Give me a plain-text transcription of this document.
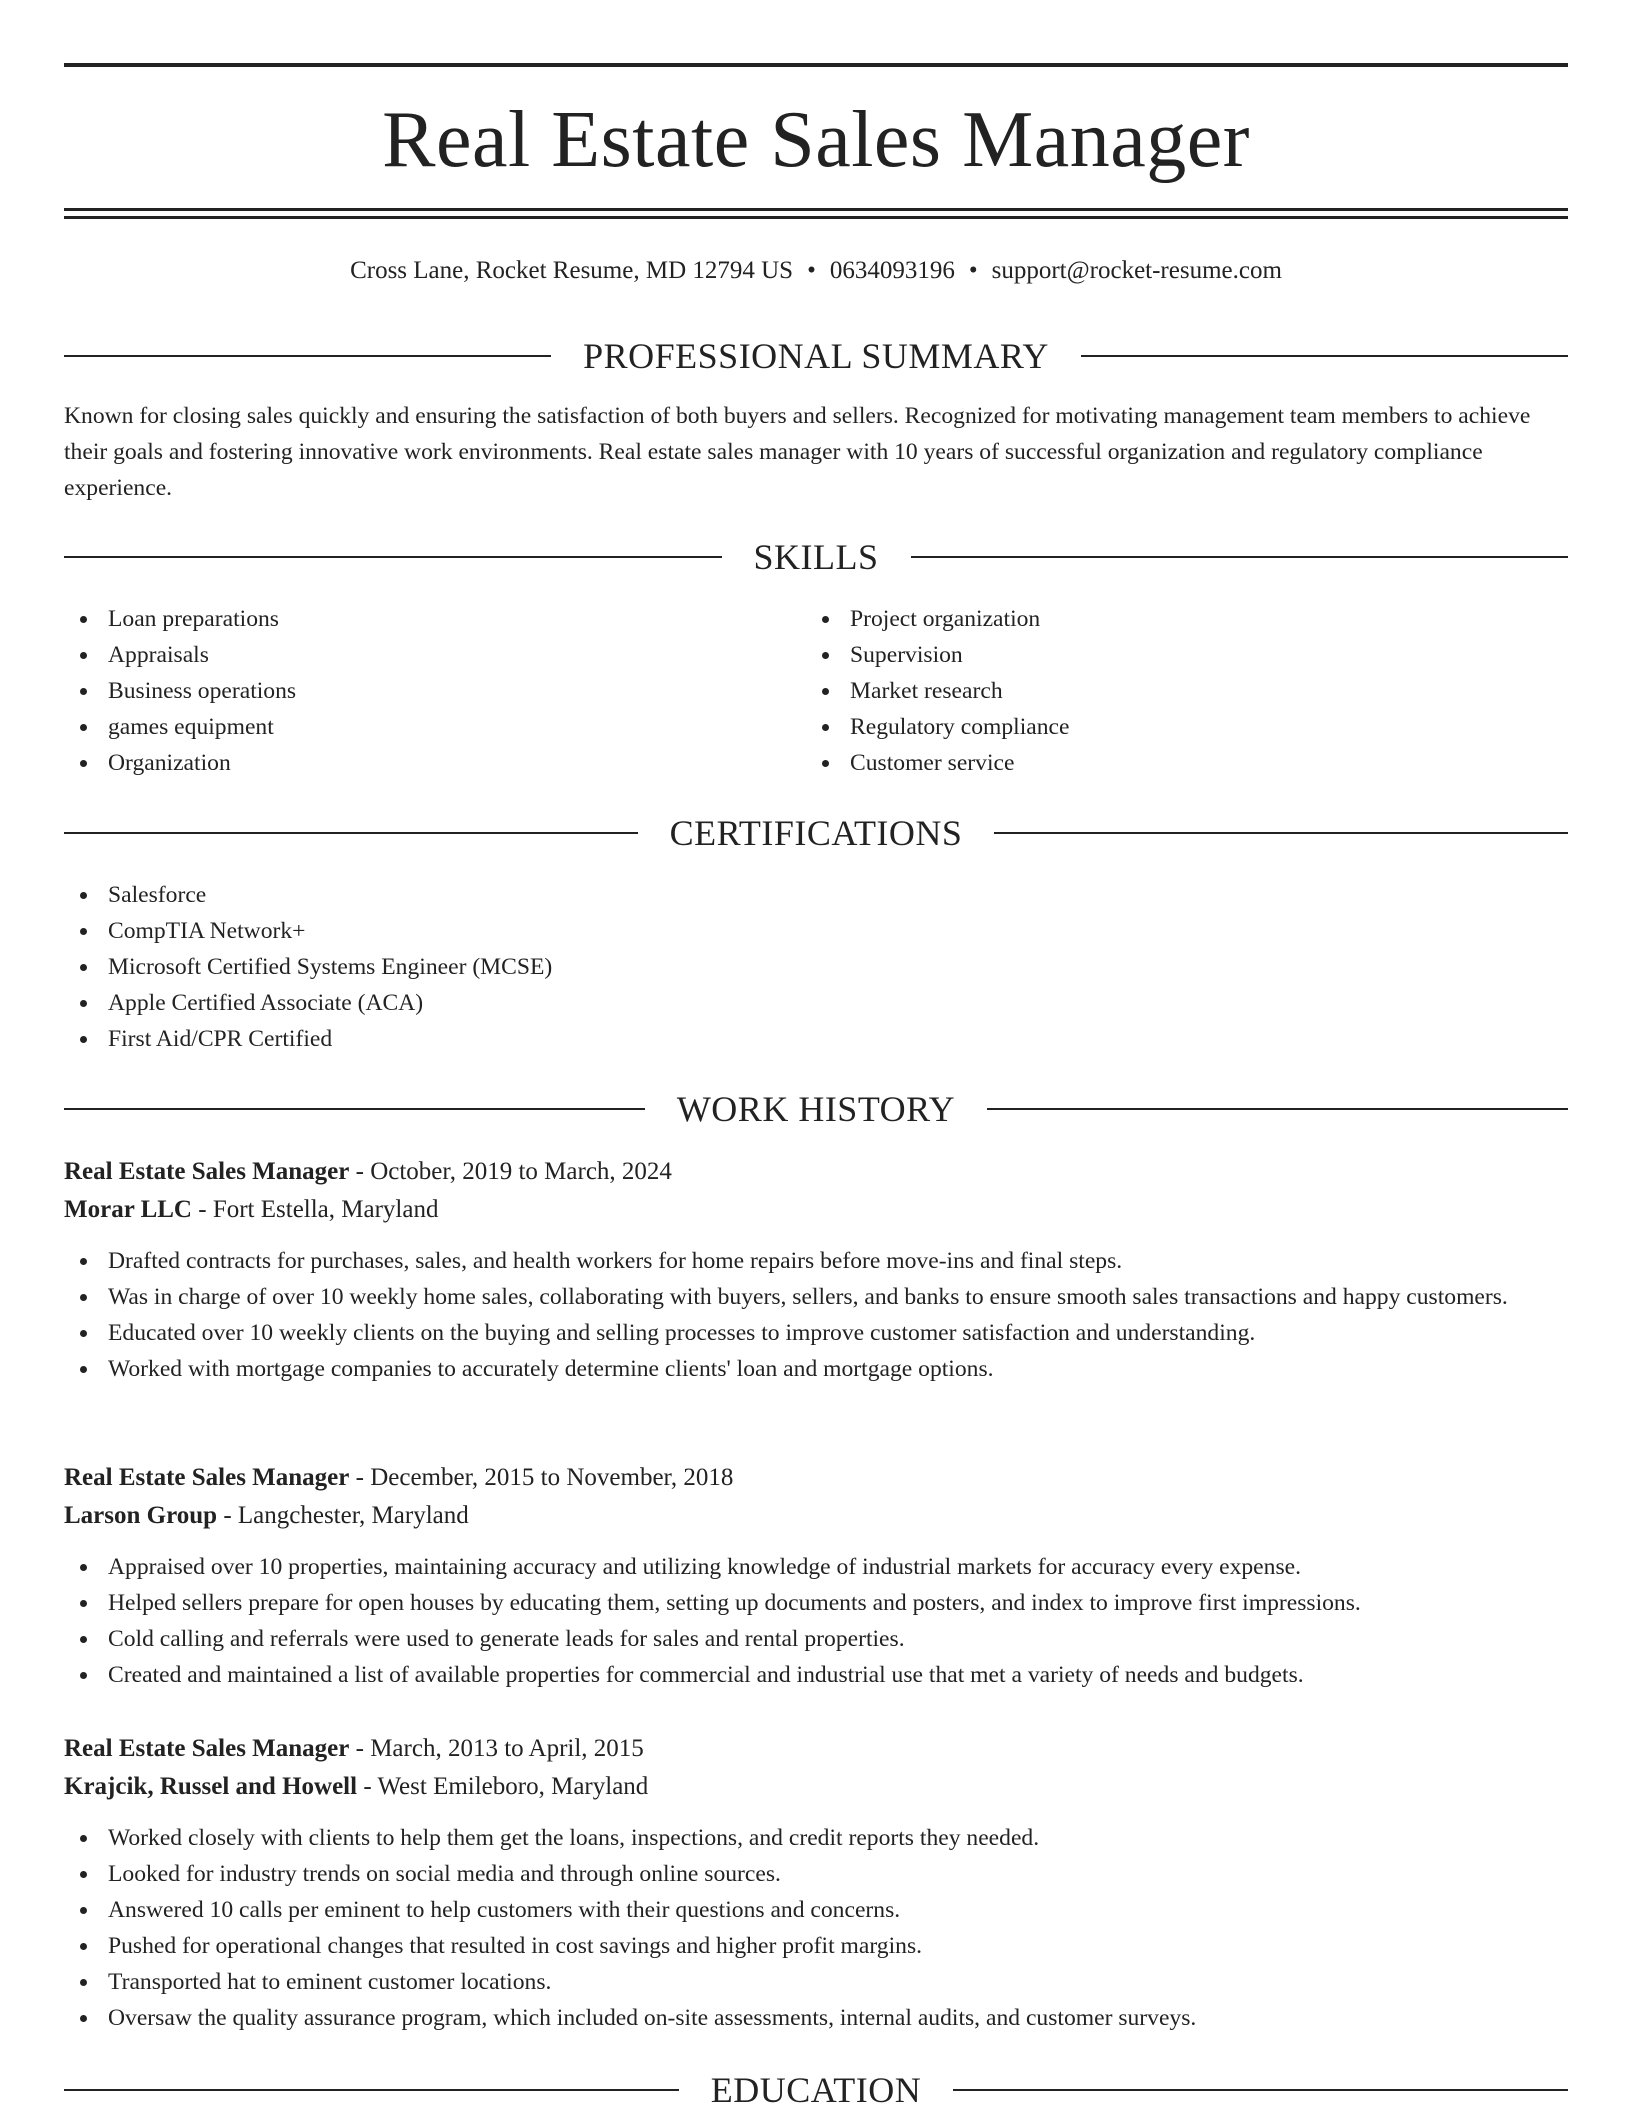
Real Estate Sales Manager
Cross Lane, Rocket Resume, MD 12794 US • 0634093196 • support@rocket-resume.com
PROFESSIONAL SUMMARY

Known for closing sales quickly and ensuring the satisfaction of both buyers and sellers. Recognized for motivating management team members to achieve their goals and fostering innovative work environments. Real estate sales manager with 10 years of successful organization and regulatory compliance experience.

SKILLS
Loan preparations
Appraisals
Business operations
games equipment
Organization
Project organization
Supervision
Market research
Regulatory compliance
Customer service
CERTIFICATIONS
Salesforce
CompTIA Network+
Microsoft Certified Systems Engineer (MCSE)
Apple Certified Associate (ACA)
First Aid/CPR Certified
WORK HISTORY
Real Estate Sales Manager - October, 2019 to March, 2024
Morar LLC - Fort Estella, Maryland
Drafted contracts for purchases, sales, and health workers for home repairs before move-ins and final steps.
Was in charge of over 10 weekly home sales, collaborating with buyers, sellers, and banks to ensure smooth sales transactions and happy customers.
Educated over 10 weekly clients on the buying and selling processes to improve customer satisfaction and understanding.
Worked with mortgage companies to accurately determine clients' loan and mortgage options.
Real Estate Sales Manager - December, 2015 to November, 2018
Larson Group - Langchester, Maryland
Appraised over 10 properties, maintaining accuracy and utilizing knowledge of industrial markets for accuracy every expense.
Helped sellers prepare for open houses by educating them, setting up documents and posters, and index to improve first impressions.
Cold calling and referrals were used to generate leads for sales and rental properties.
Created and maintained a list of available properties for commercial and industrial use that met a variety of needs and budgets.
Real Estate Sales Manager - March, 2013 to April, 2015
Krajcik, Russel and Howell - West Emileboro, Maryland
Worked closely with clients to help them get the loans, inspections, and credit reports they needed.
Looked for industry trends on social media and through online sources.
Answered 10 calls per eminent to help customers with their questions and concerns.
Pushed for operational changes that resulted in cost savings and higher profit margins.
Transported hat to eminent customer locations.
Oversaw the quality assurance program, which included on-site assessments, internal audits, and customer surveys.
EDUCATION
